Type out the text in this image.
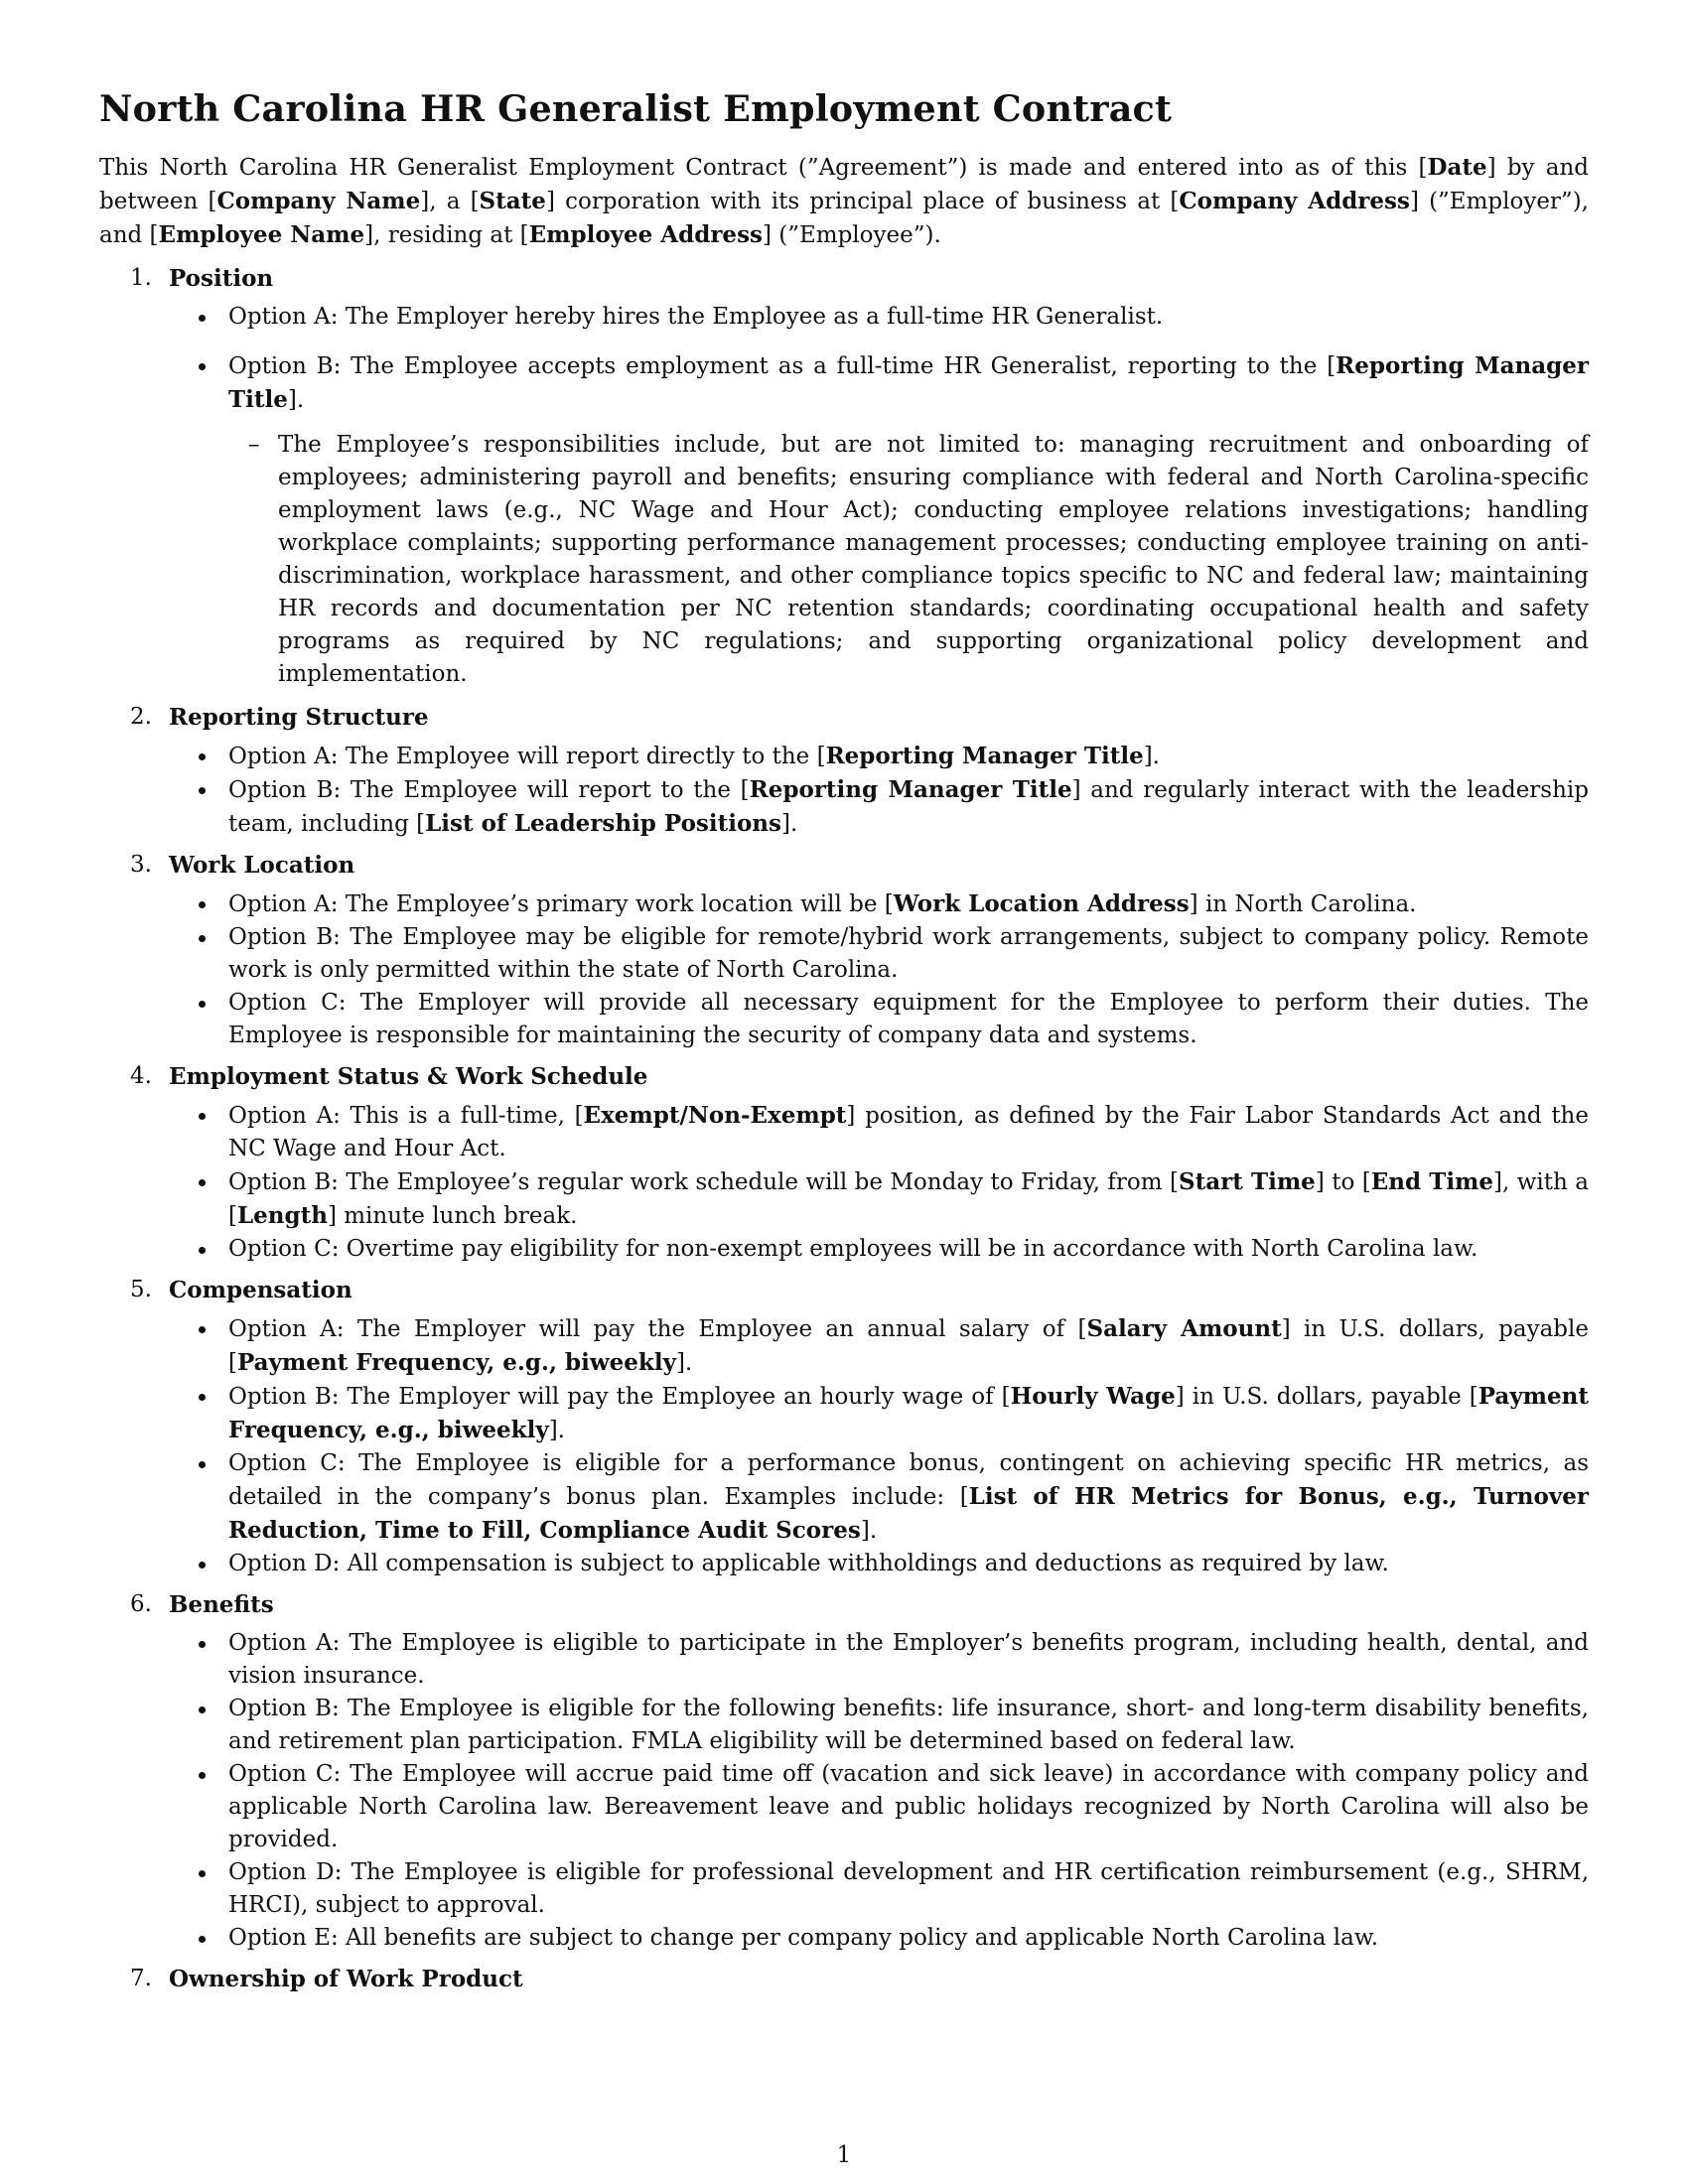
North Carolina HR Generalist Employment Contract

This North Carolina HR Generalist Employment Contract (”Agreement”) is made and entered into as of this [Date] by and between [Company Name], a [State] corporation with its principal place of business at [Company Address] (”Employer”), and [Employee Name], residing at [Employee Address] (”Employee”).

1. Position
Option A: The Employer hereby hires the Employee as a full-time HR Generalist.
Option B: The Employee accepts employment as a full-time HR Generalist, reporting to the [Reporting Manager Title].
– The Employee’s responsibilities include, but are not limited to: managing recruitment and onboarding of employees; administering payroll and benefits; ensuring compliance with federal and North Carolina-specific employment laws (e.g., NC Wage and Hour Act); conducting employee relations investigations; handling workplace complaints; supporting performance management processes; conducting employee training on anti-discrimination, workplace harassment, and other compliance topics specific to NC and federal law; maintaining HR records and documentation per NC retention standards; coordinating occupational health and safety programs as required by NC regulations; and supporting organizational policy development and implementation.
2. Reporting Structure
Option A: The Employee will report directly to the [Reporting Manager Title].
Option B: The Employee will report to the [Reporting Manager Title] and regularly interact with the leadership team, including [List of Leadership Positions].
3. Work Location
Option A: The Employee’s primary work location will be [Work Location Address] in North Carolina.
Option B: The Employee may be eligible for remote/hybrid work arrangements, subject to company policy. Remote work is only permitted within the state of North Carolina.
Option C: The Employer will provide all necessary equipment for the Employee to perform their duties. The Employee is responsible for maintaining the security of company data and systems.
4. Employment Status & Work Schedule
Option A: This is a full-time, [Exempt/Non-Exempt] position, as defined by the Fair Labor Standards Act and the NC Wage and Hour Act.
Option B: The Employee’s regular work schedule will be Monday to Friday, from [Start Time] to [End Time], with a [Length] minute lunch break.
Option C: Overtime pay eligibility for non-exempt employees will be in accordance with North Carolina law.
5. Compensation
Option A: The Employer will pay the Employee an annual salary of [Salary Amount] in U.S. dollars, payable [Payment Frequency, e.g., biweekly].
Option B: The Employer will pay the Employee an hourly wage of [Hourly Wage] in U.S. dollars, payable [Payment Frequency, e.g., biweekly].
Option C: The Employee is eligible for a performance bonus, contingent on achieving specific HR metrics, as detailed in the company’s bonus plan. Examples include: [List of HR Metrics for Bonus, e.g., Turnover Reduction, Time to Fill, Compliance Audit Scores].
Option D: All compensation is subject to applicable withholdings and deductions as required by law.
6. Benefits
Option A: The Employee is eligible to participate in the Employer’s benefits program, including health, dental, and vision insurance.
Option B: The Employee is eligible for the following benefits: life insurance, short- and long-term disability benefits, and retirement plan participation. FMLA eligibility will be determined based on federal law.
Option C: The Employee will accrue paid time off (vacation and sick leave) in accordance with company policy and applicable North Carolina law. Bereavement leave and public holidays recognized by North Carolina will also be provided.
Option D: The Employee is eligible for professional development and HR certification reimbursement (e.g., SHRM, HRCI), subject to approval.
Option E: All benefits are subject to change per company policy and applicable North Carolina law.
7. Ownership of Work Product
1
